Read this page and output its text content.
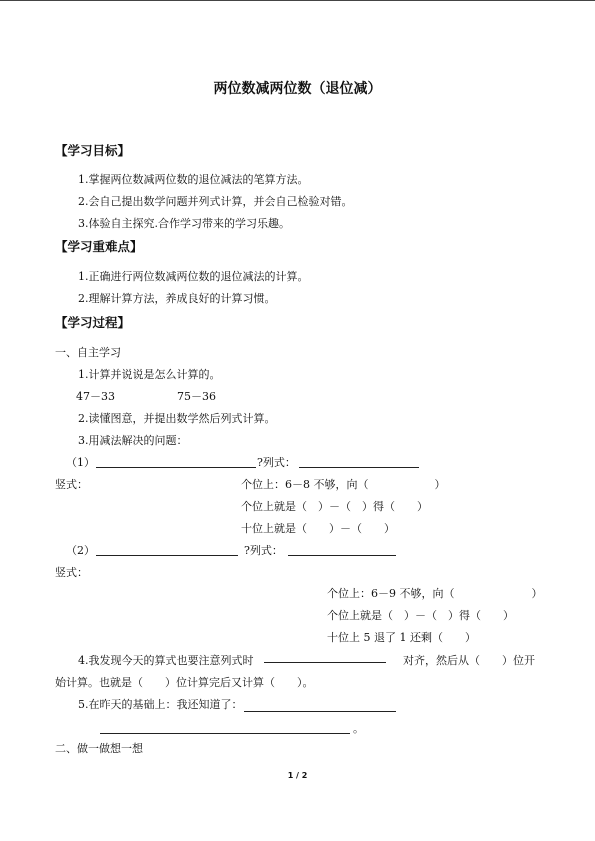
两位数减两位数（退位减）
【学习目标】
1.掌握两位数减两位数的退位减法的笔算方法。
2.会自己提出数学问题并列式计算，并会自己检验对错。
3.体验自主探究.合作学习带来的学习乐趣。
【学习重难点】
1.正确进行两位数减两位数的退位减法的计算。
2.理解计算方法，养成良好的计算习惯。
【学习过程】
一、自主学习
1.计算并说说是怎么计算的。
47－33	75－36
2.读懂图意，并提出数学然后列式计算。
3.用减法解决的问题：
（1）	?列式：
竖式：	个位上：6－8 不够，向（　　　　　　）
个位上就是（　）－（　）得（　　）
十位上就是（　　）－（　　）
（2）	?列式：
竖式：
个位上：6－9 不够，向（　　　　　　　）
个位上就是（　）－（　）得（　　）
十位上 5 退了 1 还剩（　　）
4.我发现今天的算式也要注意列式时	对齐，然后从（　　）位开
始计算。也就是（　　）位计算完后又计算（　　）。
5.在昨天的基础上：我还知道了：
。
二、做一做想一想
1 / 2
